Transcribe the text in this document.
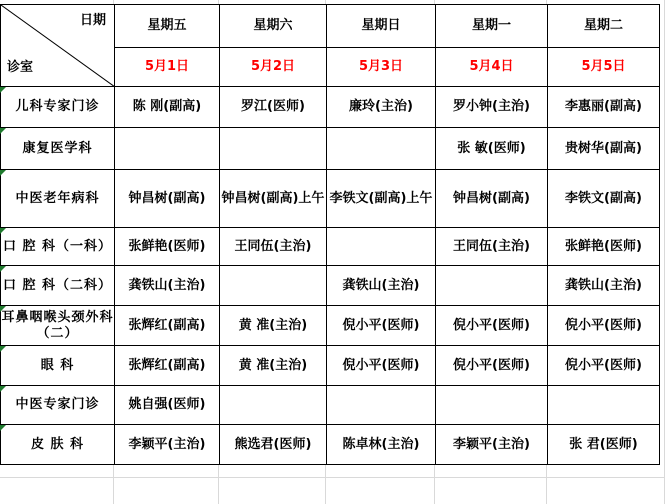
日期
诊室	星期五	星期六	星期日	星期一	星期二
	5月1日	5月2日	5月3日	5月4日	5月5日
儿科专家门诊	陈 刚(副高)	罗江(医师)	廉玲(主治)	罗小钟(主治)	李惠丽(副高)
康复医学科				张 敏(医师)	贵树华(副高)
中医老年病科	钟昌树(副高)	钟昌树(副高)上午	李铁文(副高)上午	钟昌树(副高)	李铁文(副高)
口 腔 科（一科）	张鲜艳(医师)	王同伍(主治)		王同伍(主治)	张鲜艳(医师)
口 腔 科（二科）	龚铁山(主治)		龚铁山(主治)		龚铁山(主治)
耳鼻咽喉头颈外科（二）	张辉红(副高)	黄 准(主治)	倪小平(医师)	倪小平(医师)	倪小平(医师)
眼 科	张辉红(副高)	黄 准(主治)	倪小平(医师)	倪小平(医师)	倪小平(医师)
中医专家门诊	姚自强(医师)				
皮 肤 科	李颖平(主治)	熊选君(医师)	陈卓林(主治)	李颖平(主治)	张 君(医师)
